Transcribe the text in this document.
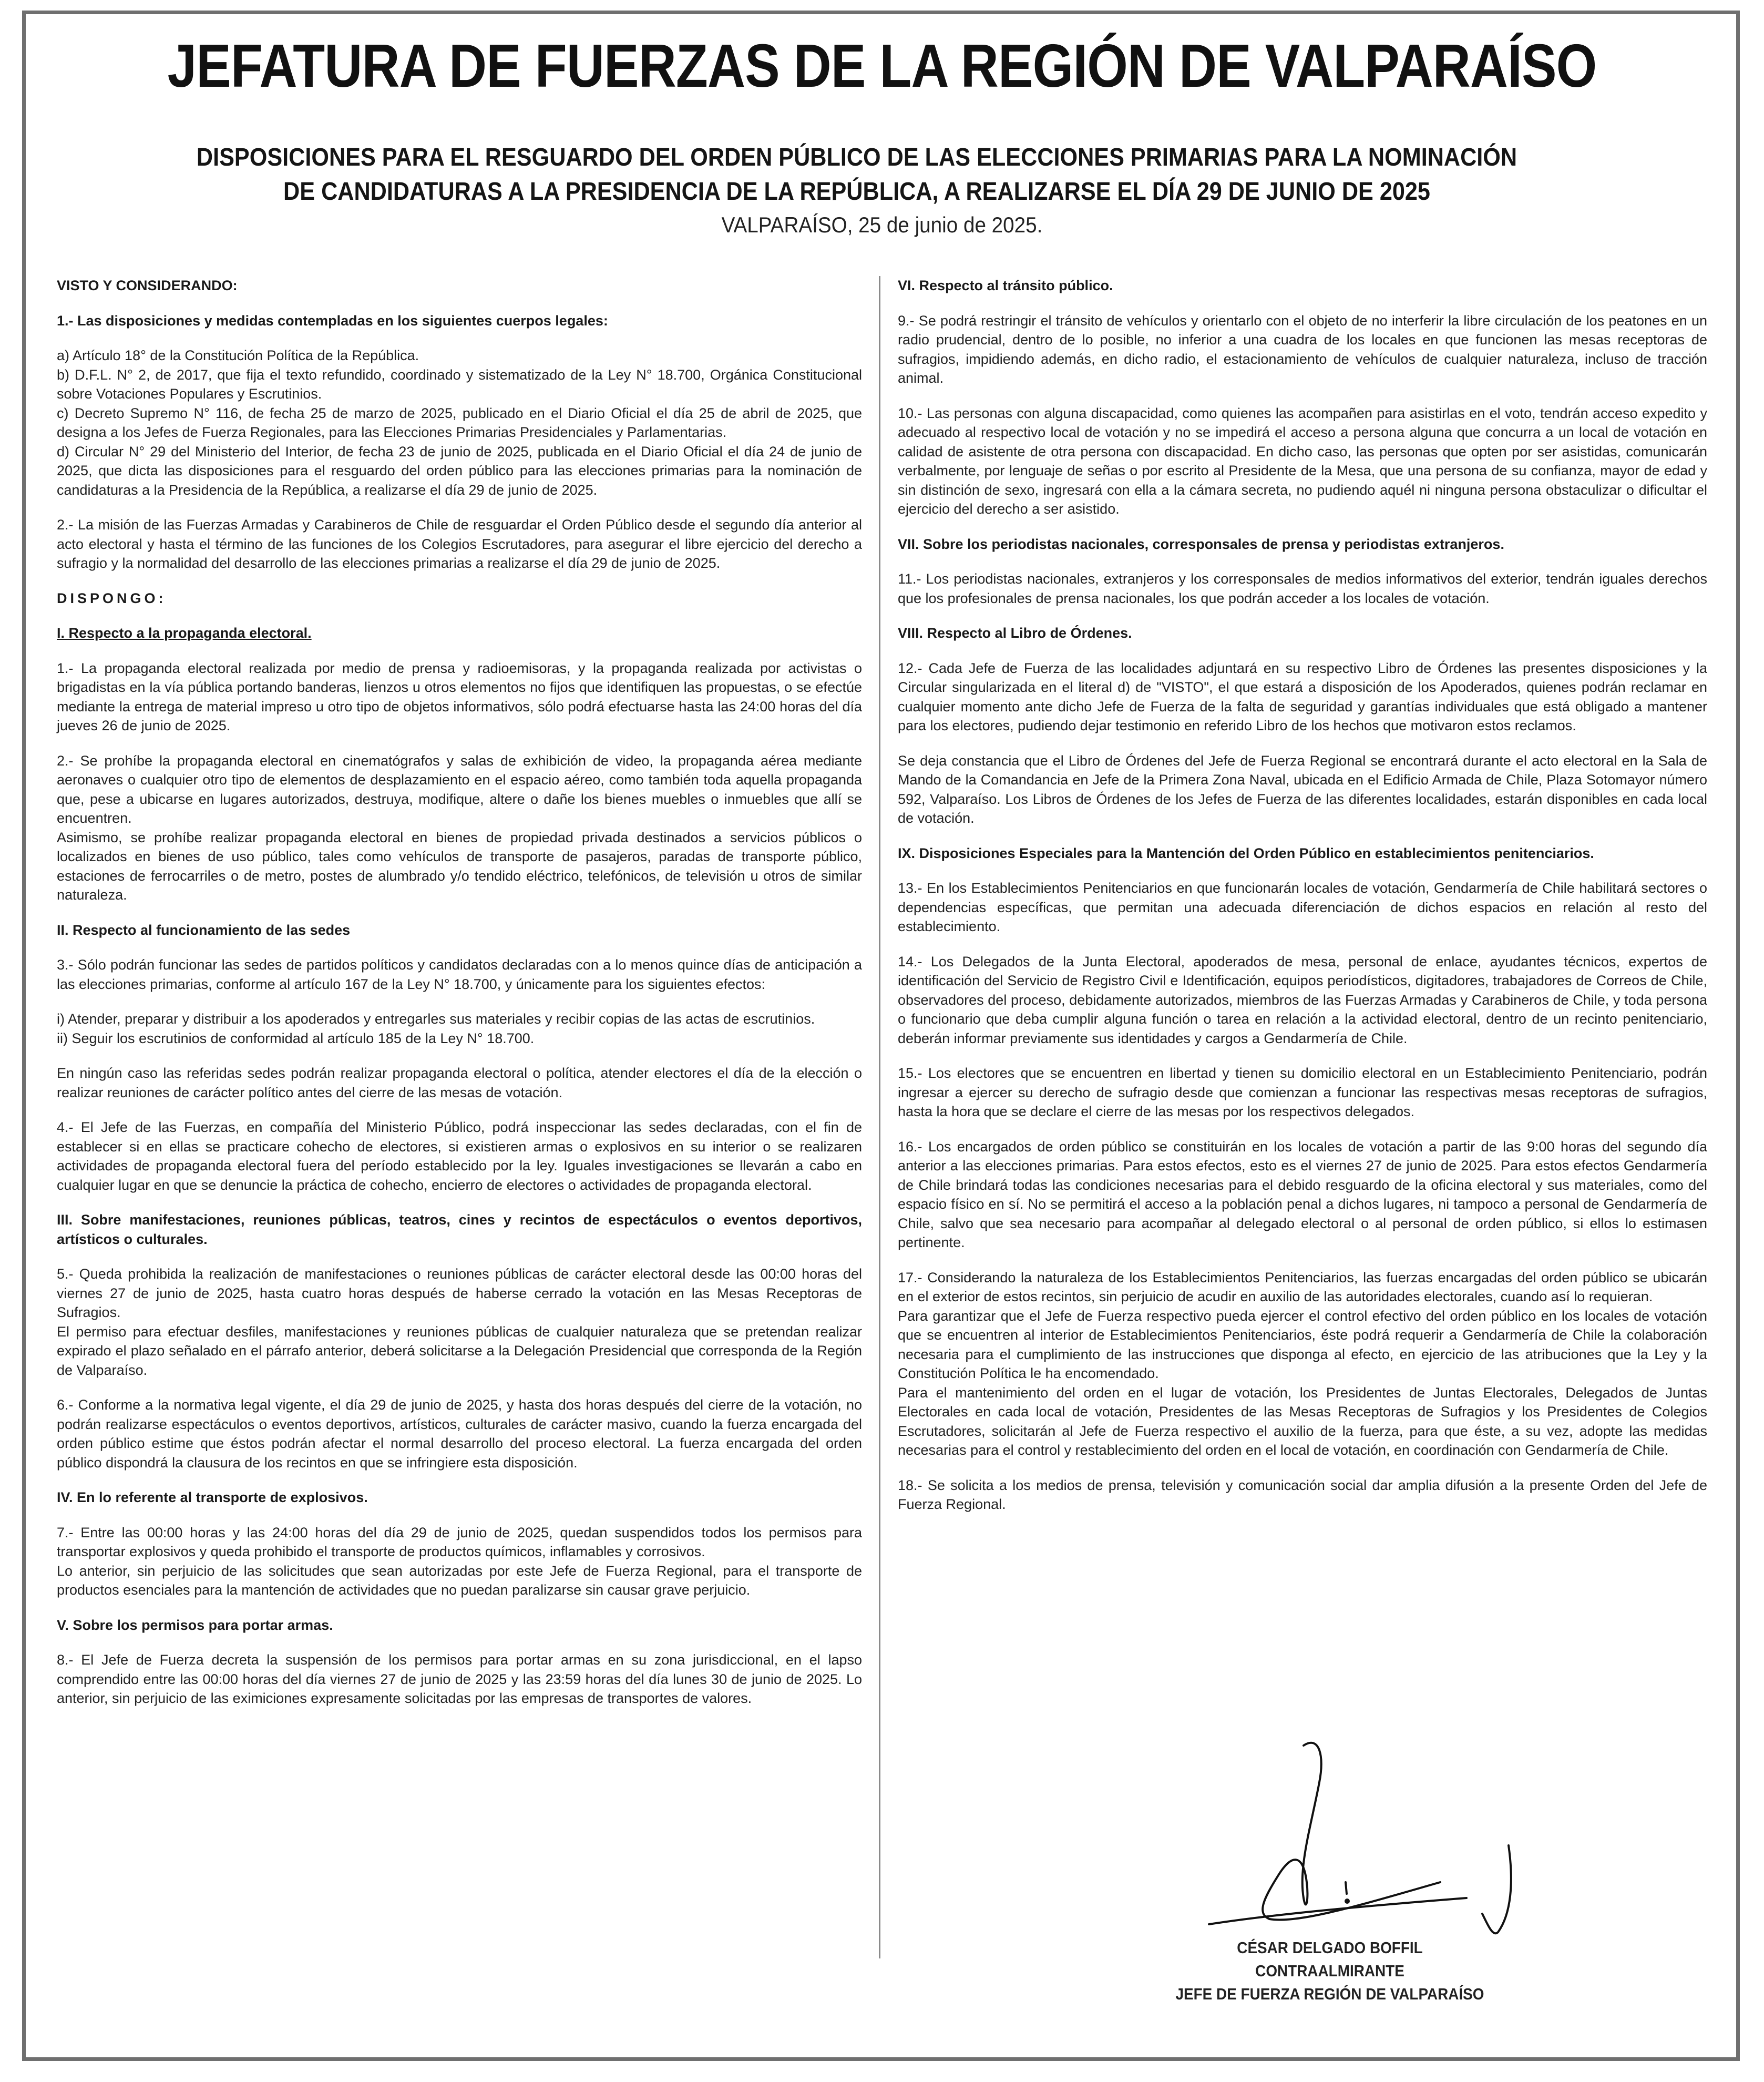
JEFATURA DE FUERZAS DE LA REGIÓN DE VALPARAÍSO
DISPOSICIONES PARA EL RESGUARDO DEL ORDEN PÚBLICO DE LAS ELECCIONES PRIMARIAS PARA LA NOMINACIÓN
DE CANDIDATURAS A LA PRESIDENCIA DE LA REPÚBLICA, A REALIZARSE EL DÍA 29 DE JUNIO DE 2025
VALPARAÍSO, 25 de junio de 2025.

VISTO Y CONSIDERANDO:

1.- Las disposiciones y medidas contempladas en los siguientes cuerpos legales:

a) Artículo 18° de la Constitución Política de la República.

b) D.F.L. N° 2, de 2017, que fija el texto refundido, coordinado y sistematizado de la Ley N° 18.700, Orgánica Constitucional sobre Votaciones Populares y Escrutinios.

c) Decreto Supremo N° 116, de fecha 25 de marzo de 2025, publicado en el Diario Oficial el día 25 de abril de 2025, que designa a los Jefes de Fuerza Regionales, para las Elecciones Primarias Presidenciales y Parlamentarias.

d) Circular N° 29 del Ministerio del Interior, de fecha 23 de junio de 2025, publicada en el Diario Oficial el día 24 de junio de 2025, que dicta las disposiciones para el resguardo del orden público para las elecciones primarias para la nominación de candidaturas a la Presidencia de la República, a realizarse el día 29 de junio de 2025.

2.- La misión de las Fuerzas Armadas y Carabineros de Chile de resguardar el Orden Público desde el segundo día anterior al acto electoral y hasta el término de las funciones de los Colegios Escrutadores, para asegurar el libre ejercicio del derecho a sufragio y la normalidad del desarrollo de las elecciones primarias a realizarse el día 29 de junio de 2025.

DISPONGO:

I. Respecto a la propaganda electoral.

1.- La propaganda electoral realizada por medio de prensa y radioemisoras, y la propaganda realizada por activistas o brigadistas en la vía pública portando banderas, lienzos u otros elementos no fijos que identifiquen las propuestas, o se efectúe mediante la entrega de material impreso u otro tipo de objetos informativos, sólo podrá efectuarse hasta las 24:00 horas del día jueves 26 de junio de 2025.

2.- Se prohíbe la propaganda electoral en cinematógrafos y salas de exhibición de video, la propaganda aérea mediante aeronaves o cualquier otro tipo de elementos de desplazamiento en el espacio aéreo, como también toda aquella propaganda que, pese a ubicarse en lugares autorizados, destruya, modifique, altere o dañe los bienes muebles o inmuebles que allí se encuentren.

Asimismo, se prohíbe realizar propaganda electoral en bienes de propiedad privada destinados a servicios públicos o localizados en bienes de uso público, tales como vehículos de transporte de pasajeros, paradas de transporte público, estaciones de ferrocarriles o de metro, postes de alumbrado y/o tendido eléctrico, telefónicos, de televisión u otros de similar naturaleza.

II. Respecto al funcionamiento de las sedes

3.- Sólo podrán funcionar las sedes de partidos políticos y candidatos declaradas con a lo menos quince días de anticipación a las elecciones primarias, conforme al artículo 167 de la Ley N° 18.700, y únicamente para los siguientes efectos:

i) Atender, preparar y distribuir a los apoderados y entregarles sus materiales y recibir copias de las actas de escrutinios.

ii) Seguir los escrutinios de conformidad al artículo 185 de la Ley N° 18.700.

En ningún caso las referidas sedes podrán realizar propaganda electoral o política, atender electores el día de la elección o realizar reuniones de carácter político antes del cierre de las mesas de votación.

4.- El Jefe de las Fuerzas, en compañía del Ministerio Público, podrá inspeccionar las sedes declaradas, con el fin de establecer si en ellas se practicare cohecho de electores, si existieren armas o explosivos en su interior o se realizaren actividades de propaganda electoral fuera del período establecido por la ley. Iguales investigaciones se llevarán a cabo en cualquier lugar en que se denuncie la práctica de cohecho, encierro de electores o actividades de propaganda electoral.

III. Sobre manifestaciones, reuniones públicas, teatros, cines y recintos de espectáculos o eventos deportivos, artísticos o culturales.

5.- Queda prohibida la realización de manifestaciones o reuniones públicas de carácter electoral desde las 00:00 horas del viernes 27 de junio de 2025, hasta cuatro horas después de haberse cerrado la votación en las Mesas Receptoras de Sufragios.

El permiso para efectuar desfiles, manifestaciones y reuniones públicas de cualquier naturaleza que se pretendan realizar expirado el plazo señalado en el párrafo anterior, deberá solicitarse a la Delegación Presidencial que corresponda de la Región de Valparaíso.

6.- Conforme a la normativa legal vigente, el día 29 de junio de 2025, y hasta dos horas después del cierre de la votación, no podrán realizarse espectáculos o eventos deportivos, artísticos, culturales de carácter masivo, cuando la fuerza encargada del orden público estime que éstos podrán afectar el normal desarrollo del proceso electoral. La fuerza encargada del orden público dispondrá la clausura de los recintos en que se infringiere esta disposición.

IV. En lo referente al transporte de explosivos.

7.- Entre las 00:00 horas y las 24:00 horas del día 29 de junio de 2025, quedan suspendidos todos los permisos para transportar explosivos y queda prohibido el transporte de productos químicos, inflamables y corrosivos.

Lo anterior, sin perjuicio de las solicitudes que sean autorizadas por este Jefe de Fuerza Regional, para el transporte de productos esenciales para la mantención de actividades que no puedan paralizarse sin causar grave perjuicio.

V. Sobre los permisos para portar armas.

8.- El Jefe de Fuerza decreta la suspensión de los permisos para portar armas en su zona jurisdiccional, en el lapso comprendido entre las 00:00 horas del día viernes 27 de junio de 2025 y las 23:59 horas del día lunes 30 de junio de 2025. Lo anterior, sin perjuicio de las eximiciones expresamente solicitadas por las empresas de transportes de valores.

VI. Respecto al tránsito público.

9.- Se podrá restringir el tránsito de vehículos y orientarlo con el objeto de no interferir la libre circulación de los peatones en un radio prudencial, dentro de lo posible, no inferior a una cuadra de los locales en que funcionen las mesas receptoras de sufragios, impidiendo además, en dicho radio, el estacionamiento de vehículos de cualquier naturaleza, incluso de tracción animal.

10.- Las personas con alguna discapacidad, como quienes las acompañen para asistirlas en el voto, tendrán acceso expedito y adecuado al respectivo local de votación y no se impedirá el acceso a persona alguna que concurra a un local de votación en calidad de asistente de otra persona con discapacidad. En dicho caso, las personas que opten por ser asistidas, comunicarán verbalmente, por lenguaje de señas o por escrito al Presidente de la Mesa, que una persona de su confianza, mayor de edad y sin distinción de sexo, ingresará con ella a la cámara secreta, no pudiendo aquél ni ninguna persona obstaculizar o dificultar el ejercicio del derecho a ser asistido.

VII. Sobre los periodistas nacionales, corresponsales de prensa y periodistas extranjeros.

11.- Los periodistas nacionales, extranjeros y los corresponsales de medios informativos del exterior, tendrán iguales derechos que los profesionales de prensa nacionales, los que podrán acceder a los locales de votación.

VIII. Respecto al Libro de Órdenes.

12.- Cada Jefe de Fuerza de las localidades adjuntará en su respectivo Libro de Órdenes las presentes disposiciones y la Circular singularizada en el literal d) de "VISTO", el que estará a disposición de los Apoderados, quienes podrán reclamar en cualquier momento ante dicho Jefe de Fuerza de la falta de seguridad y garantías individuales que está obligado a mantener para los electores, pudiendo dejar testimonio en referido Libro de los hechos que motivaron estos reclamos.

Se deja constancia que el Libro de Órdenes del Jefe de Fuerza Regional se encontrará durante el acto electoral en la Sala de Mando de la Comandancia en Jefe de la Primera Zona Naval, ubicada en el Edificio Armada de Chile, Plaza Sotomayor número 592, Valparaíso. Los Libros de Órdenes de los Jefes de Fuerza de las diferentes localidades, estarán disponibles en cada local de votación.

IX. Disposiciones Especiales para la Mantención del Orden Público en establecimientos penitenciarios.

13.- En los Establecimientos Penitenciarios en que funcionarán locales de votación, Gendarmería de Chile habilitará sectores o dependencias específicas, que permitan una adecuada diferenciación de dichos espacios en relación al resto del establecimiento.

14.- Los Delegados de la Junta Electoral, apoderados de mesa, personal de enlace, ayudantes técnicos, expertos de identificación del Servicio de Registro Civil e Identificación, equipos periodísticos, digitadores, trabajadores de Correos de Chile, observadores del proceso, debidamente autorizados, miembros de las Fuerzas Armadas y Carabineros de Chile, y toda persona o funcionario que deba cumplir alguna función o tarea en relación a la actividad electoral, dentro de un recinto penitenciario, deberán informar previamente sus identidades y cargos a Gendarmería de Chile.

15.- Los electores que se encuentren en libertad y tienen su domicilio electoral en un Establecimiento Penitenciario, podrán ingresar a ejercer su derecho de sufragio desde que comienzan a funcionar las respectivas mesas receptoras de sufragios, hasta la hora que se declare el cierre de las mesas por los respectivos delegados.

16.- Los encargados de orden público se constituirán en los locales de votación a partir de las 9:00 horas del segundo día anterior a las elecciones primarias. Para estos efectos, esto es el viernes 27 de junio de 2025. Para estos efectos Gendarmería de Chile brindará todas las condiciones necesarias para el debido resguardo de la oficina electoral y sus materiales, como del espacio físico en sí. No se permitirá el acceso a la población penal a dichos lugares, ni tampoco a personal de Gendarmería de Chile, salvo que sea necesario para acompañar al delegado electoral o al personal de orden público, si ellos lo estimasen pertinente.

17.- Considerando la naturaleza de los Establecimientos Penitenciarios, las fuerzas encargadas del orden público se ubicarán en el exterior de estos recintos, sin perjuicio de acudir en auxilio de las autoridades electorales, cuando así lo requieran.

Para garantizar que el Jefe de Fuerza respectivo pueda ejercer el control efectivo del orden público en los locales de votación que se encuentren al interior de Establecimientos Penitenciarios, éste podrá requerir a Gendarmería de Chile la colaboración necesaria para el cumplimiento de las instrucciones que disponga al efecto, en ejercicio de las atribuciones que la Ley y la Constitución Política le ha encomendado.

Para el mantenimiento del orden en el lugar de votación, los Presidentes de Juntas Electorales, Delegados de Juntas Electorales en cada local de votación, Presidentes de las Mesas Receptoras de Sufragios y los Presidentes de Colegios Escrutadores, solicitarán al Jefe de Fuerza respectivo el auxilio de la fuerza, para que éste, a su vez, adopte las medidas necesarias para el control y restablecimiento del orden en el local de votación, en coordinación con Gendarmería de Chile.

18.- Se solicita a los medios de prensa, televisión y comunicación social dar amplia difusión a la presente Orden del Jefe de Fuerza Regional.

CÉSAR DELGADO BOFFIL
CONTRAALMIRANTE
JEFE DE FUERZA REGIÓN DE VALPARAÍSO
